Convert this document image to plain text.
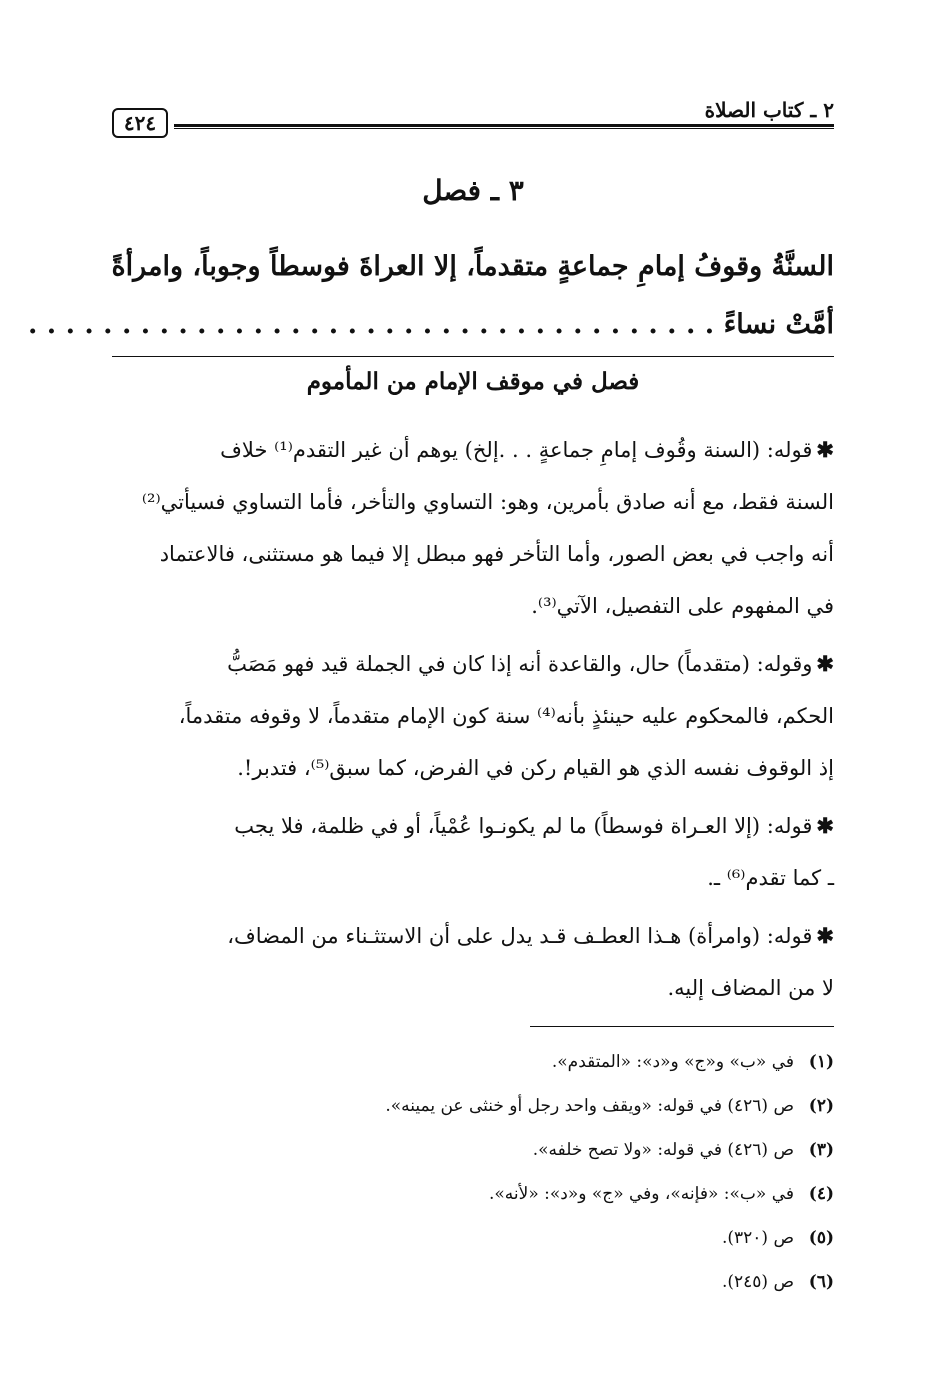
٤٢٤
٢ ـ كتاب الصلاة
٣ ـ فصل
السنَّةُ وقوفُ إمامِ جماعةٍ متقدماً، إلا العراةَ فوسطاً وجوباً، وامرأةً
أمَّتْ نساءً . . . . . . . . . . . . . . . . . . . . . . . . . . . . . . . . . . . . .
فصل في موقف الإمام من المأموم
✱قوله: (السنة وقُوف إمامِ جماعةٍ . . .إلخ) يوهم أن غير التقدم⁽¹⁾ خلاف
السنة فقط، مع أنه صادق بأمرين، وهو: التساوي والتأخر، فأما التساوي فسيأتي⁽²⁾
أنه واجب في بعض الصور، وأما التأخر فهو مبطل إلا فيما هو مستثنى، فالاعتماد
في المفهوم على التفصيل، الآتي⁽³⁾.
✱وقوله: (متقدماً) حال، والقاعدة أنه إذا كان في الجملة قيد فهو مَصَبُّ
الحكم، فالمحكوم عليه حينئذٍ بأنه⁽⁴⁾ سنة كون الإمام متقدماً، لا وقوفه متقدماً،
إذ الوقوف نفسه الذي هو القيام ركن في الفرض، كما سبق⁽⁵⁾، فتدبر!.
✱قوله: (إلا العـراة فوسطاً) ما لم يكونـوا عُمْياً، أو في ظلمة، فلا يجب
ـ كما تقدم⁽⁶⁾ ـ.
✱قوله: (وامرأة) هـذا العطـف قـد يدل على أن الاستثـناء من المضاف،
لا من المضاف إليه.
(١)في «ب» و«ج» و«د»: «المتقدم».
(٢)ص (٤٢٦) في قوله: «ويقف واحد رجل أو خنثى عن يمينه».
(٣)ص (٤٢٦) في قوله: «ولا تصح خلفه».
(٤)في «ب»: «فإنه»، وفي «ج» و«د»: «لأنه».
(٥)ص (٣٢٠).
(٦)ص (٢٤٥).
